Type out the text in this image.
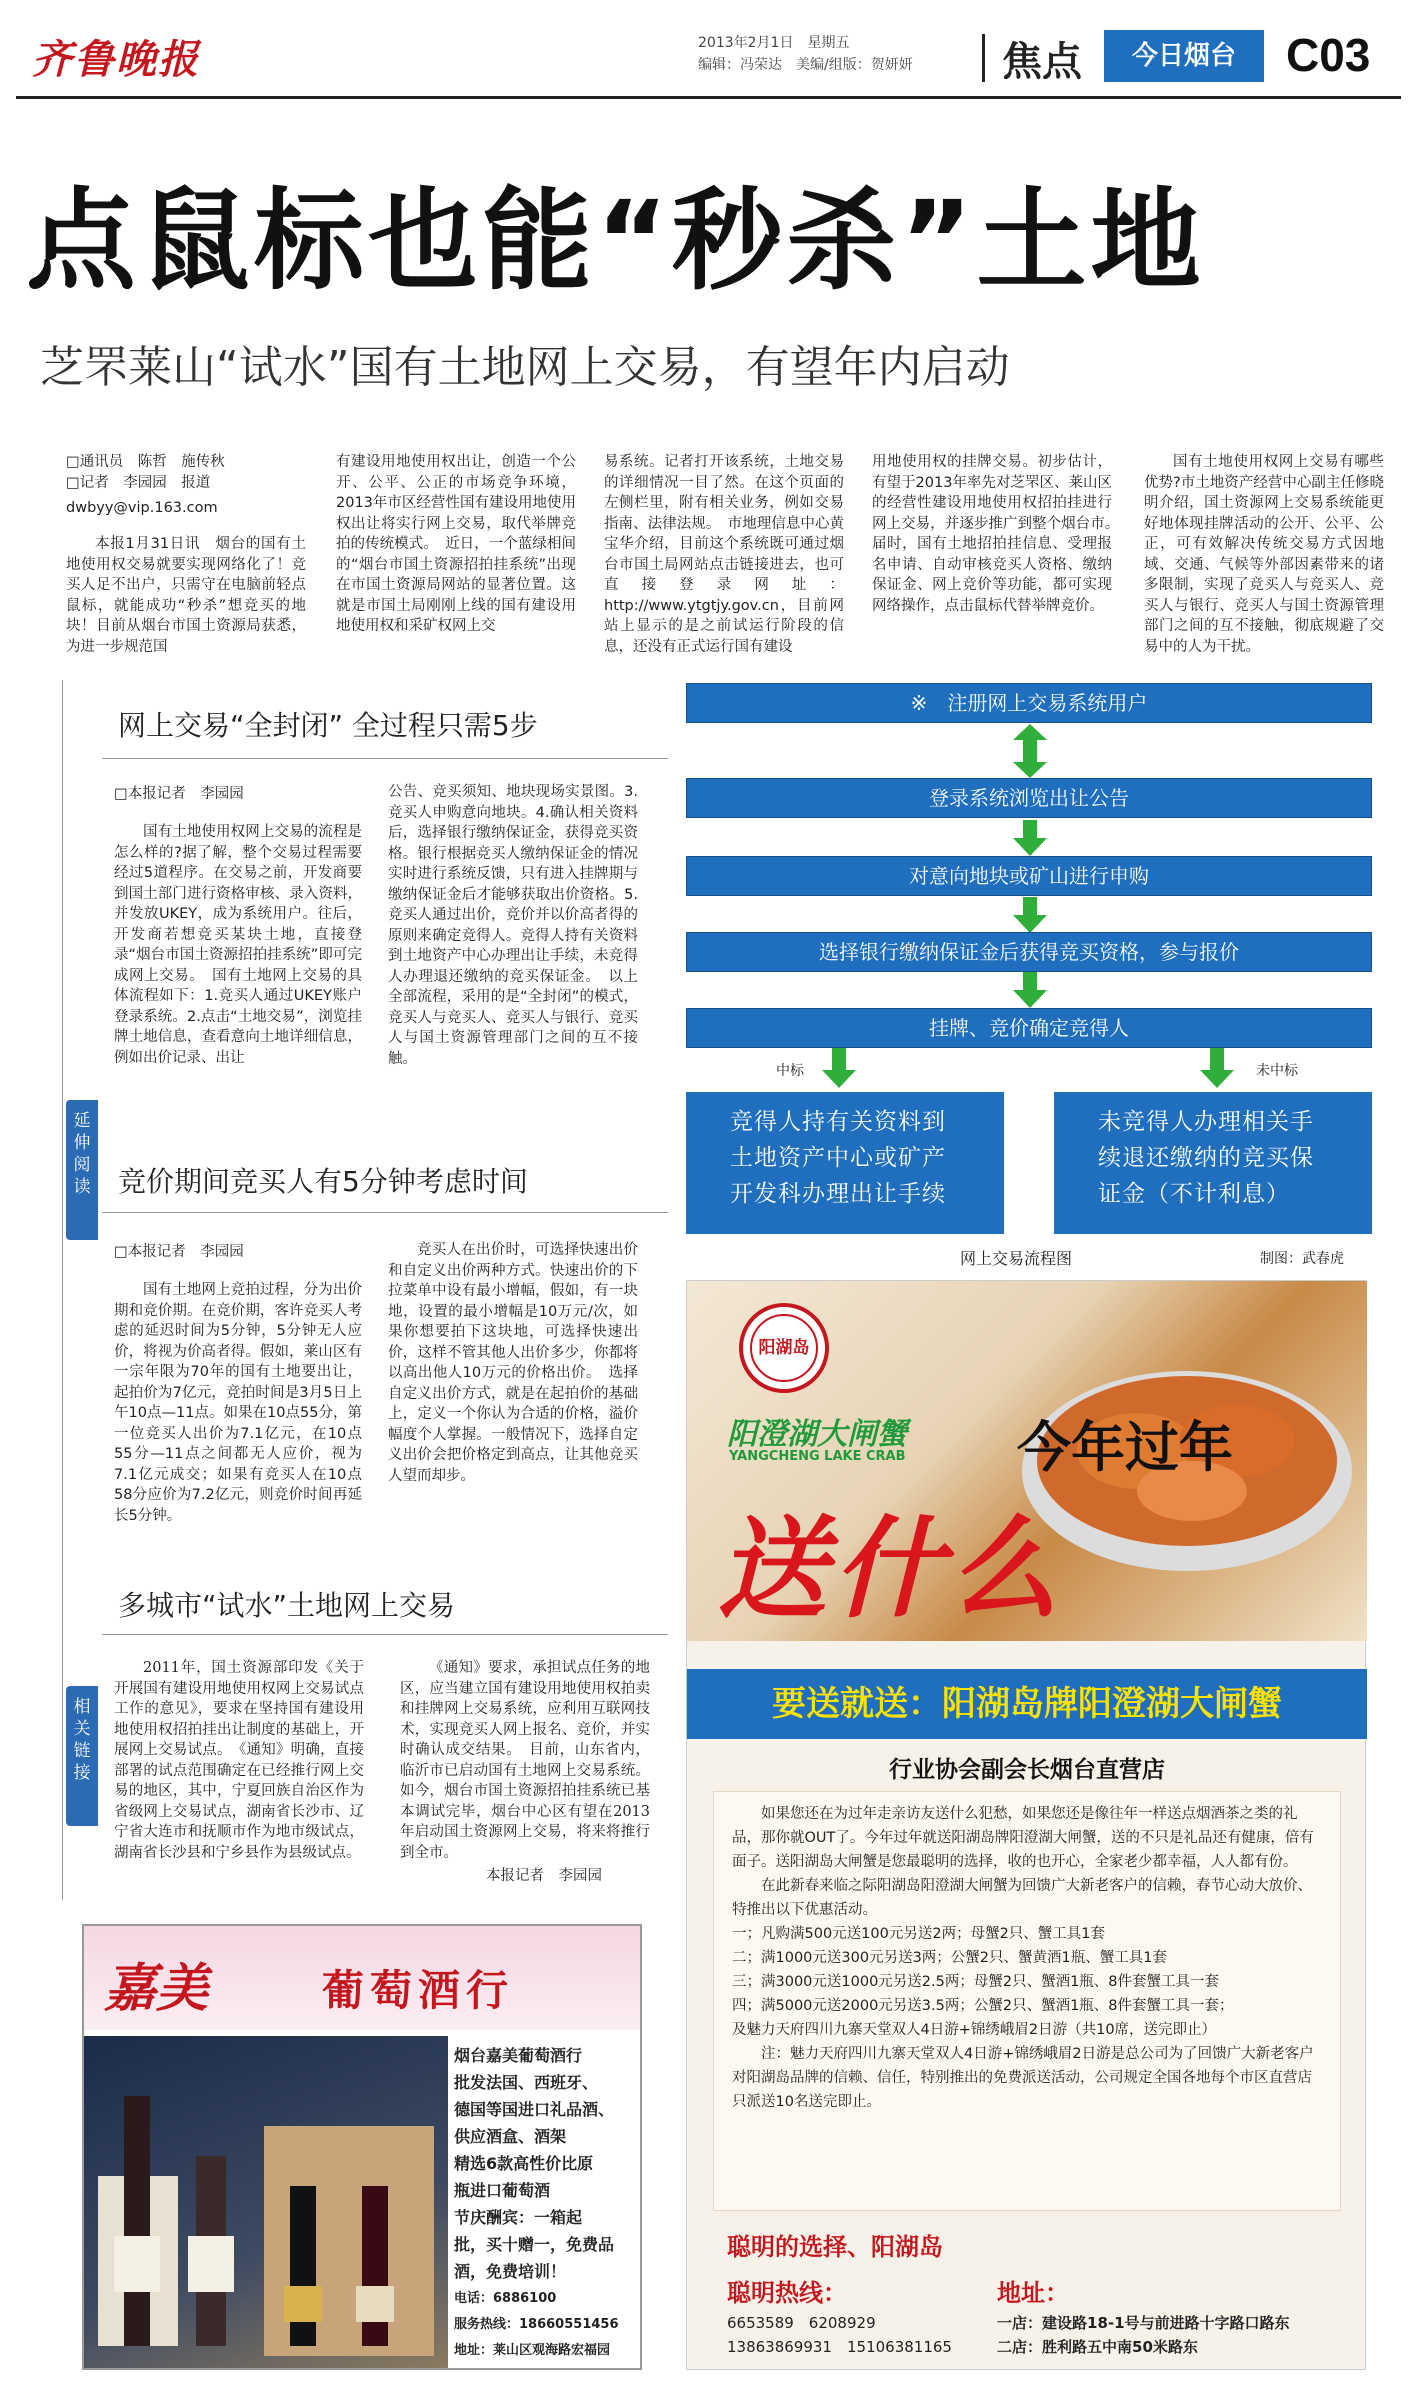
齐鲁晚报	2013年2月1日　星期五
编辑：冯荣达　美编/组版：贺妍妍 焦点	今日烟台	C03
点鼠标也能“秒杀”土地
芝罘莱山“试水”国有土地网上交易，有望年内启动
□通讯员　陈哲　施传秋
□记者　李园园　报道
dwbyy@vip.163.com
本报1月31日讯　烟台的国有土地使用权交易就要实现网络化了！竞买人足不出户，只需守在电脑前轻点鼠标，就能成功“秒杀”想竞买的地块！目前从烟台市国土资源局获悉，为进一步规范国
有建设用地使用权出让，创造一个公开、公平、公正的市场竞争环境，2013年市区经营性国有建设用地使用权出让将实行网上交易，取代举牌竞拍的传统模式。　近日，一个蓝绿相间的“烟台市国土资源招拍挂系统”出现在市国土资源局网站的显著位置。这就是市国土局刚刚上线的国有建设用地使用权和采矿权网上交
易系统。记者打开该系统，土地交易的详细情况一目了然。在这个页面的左侧栏里，附有相关业务，例如交易指南、法律法规。　市地理信息中心黄宝华介绍，目前这个系统既可通过烟台市国土局网站点击链接进去，也可直接登录网址：http://www.ytgtjy.gov.cn，目前网站上显示的是之前试运行阶段的信息，还没有正式运行国有建设
用地使用权的挂牌交易。初步估计，有望于2013年率先对芝罘区、莱山区的经营性建设用地使用权招拍挂进行网上交易，并逐步推广到整个烟台市。　届时，国有土地招拍挂信息、受理报名申请、自动审核竞买人资格、缴纳保证金、网上竞价等功能，都可实现网络操作，点击鼠标代替举牌竞价。
国有土地使用权网上交易有哪些优势?市土地资产经营中心副主任修晓明介绍，国土资源网上交易系统能更好地体现挂牌活动的公开、公平、公正，可有效解决传统交易方式因地域、交通、气候等外部因素带来的诸多限制，实现了竞买人与竞买人、竞买人与银行、竞买人与国土资源管理部门之间的互不接触，彻底规避了交易中的人为干扰。
网上交易“全封闭” 全过程只需5步
□本报记者　李园园
国有土地使用权网上交易的流程是怎么样的?据了解，整个交易过程需要经过5道程序。在交易之前，开发商要到国土部门进行资格审核、录入资料，并发放UKEY，成为系统用户。往后，开发商若想竞买某块土地，直接登录“烟台市国土资源招拍挂系统”即可完成网上交易。　国有土地网上交易的具体流程如下：1.竞买人通过UKEY账户登录系统。2.点击“土地交易”，浏览挂牌土地信息，查看意向土地详细信息，例如出价记录、出让
公告、竞买须知、地块现场实景图。3.竞买人申购意向地块。4.确认相关资料后，选择银行缴纳保证金，获得竞买资格。银行根据竞买人缴纳保证金的情况实时进行系统反馈，只有进入挂牌期与缴纳保证金后才能够获取出价资格。5.竞买人通过出价，竞价并以价高者得的原则来确定竞得人。竞得人持有关资料到土地资产中心办理出让手续，未竞得人办理退还缴纳的竞买保证金。　以上全部流程，采用的是“全封闭”的模式，竞买人与竞买人、竞买人与银行、竞买人与国土资源管理部门之间的互不接触。
延
伸
阅
读 竞价期间竞买人有5分钟考虑时间
□本报记者　李园园
国有土地网上竞拍过程，分为出价期和竞价期。在竞价期，客许竞买人考虑的延迟时间为5分钟，5分钟无人应价，将视为价高者得。假如，莱山区有一宗年限为70年的国有土地要出让，起拍价为7亿元，竞拍时间是3月5日上午10点—11点。如果在10点55分，第一位竞买人出价为7.1亿元，在10点55分—11点之间都无人应价，视为7.1亿元成交；如果有竞买人在10点58分应价为7.2亿元，则竞价时间再延长5分钟。
竞买人在出价时，可选择快速出价和自定义出价两种方式。快速出价的下拉菜单中设有最小增幅，假如，有一块地，设置的最小增幅是10万元/次，如果你想要拍下这块地，可选择快速出价，这样不管其他人出价多少，你都将以高出他人10万元的价格出价。　选择自定义出价方式，就是在起拍价的基础上，定义一个你认为合适的价格，溢价幅度个人掌握。一般情况下，选择自定义出价会把价格定到高点，让其他竞买人望而却步。
多城市“试水”土地网上交易
相
关
链
接
2011年，国土资源部印发《关于开展国有建设用地使用权网上交易试点工作的意见》，要求在坚持国有建设用地使用权招拍挂出让制度的基础上，开展网上交易试点。　《通知》明确，直接部署的试点范围确定在已经推行网上交易的地区，其中，宁夏回族自治区作为省级网上交易试点，湖南省长沙市、辽宁省大连市和抚顺市作为地市级试点，湖南省长沙县和宁乡县作为县级试点。
《通知》要求，承担试点任务的地区，应当建立国有建设用地使用权拍卖和挂牌网上交易系统，应利用互联网技术，实现竞买人网上报名、竞价，并实时确认成交结果。　目前，山东省内，临沂市已启动国有土地网上交易系统。如今，烟台市国土资源招拍挂系统已基本调试完毕，烟台中心区有望在2013年启动国土资源网上交易，将来将推行到全市。
本报记者　李园园
※　注册网上交易系统用户
登录系统浏览出让公告
对意向地块或矿山进行申购
选择银行缴纳保证金后获得竞买资格，参与报价
挂牌、竞价确定竞得人
中标	未中标
竞得人持有关资料到土地资产中心或矿产开发科办理出让手续
未竞得人办理相关手续退还缴纳的竞买保证金（不计利息）
网上交易流程图	制图：武春虎
阳湖岛
阳澄湖大闸蟹
YANGCHENG LAKE CRAB 今年过年
送什么
要送就送：阳湖岛牌阳澄湖大闸蟹
行业协会副会长烟台直营店

如果您还在为过年走亲访友送什么犯愁，如果您还是像往年一样送点烟酒茶之类的礼品，那你就OUT了。今年过年就送阳湖岛牌阳澄湖大闸蟹，送的不只是礼品还有健康，倍有面子。送阳湖岛大闸蟹是您最聪明的选择，收的也开心，全家老少都幸福，人人都有份。

在此新春来临之际阳湖岛阳澄湖大闸蟹为回馈广大新老客户的信赖，春节心动大放价、特推出以下优惠活动。

一；凡购满500元送100元另送2两；母蟹2只、蟹工具1套

二；满1000元送300元另送3两；公蟹2只、蟹黄酒1瓶、蟹工具1套

三；满3000元送1000元另送2.5两；母蟹2只、蟹酒1瓶、8件套蟹工具一套

四；满5000元送2000元另送3.5两；公蟹2只、蟹酒1瓶、8件套蟹工具一套；

及魅力天府四川九寨天堂双人4日游+锦绣峨眉2日游（共10席，送完即止）

注：魅力天府四川九寨天堂双人4日游+锦绣峨眉2日游是总公司为了回馈广大新老客户对阳湖岛品牌的信赖、信任，特别推出的免费派送活动，公司规定全国各地每个市区直营店只派送10名送完即止。

聪明的选择、阳湖岛
聪明热线：
6653589　6208929
13863869931　15106381165
地址：
一店：建设路18-1号与前进路十字路口路东
二店：胜利路五中南50米路东
嘉美	葡萄酒行
烟台嘉美葡萄酒行
批发法国、西班牙、
德国等国进口礼品酒、
供应酒盒、酒架
精选6款高性价比原
瓶进口葡萄酒
节庆酬宾：一箱起
批，买十赠一，免费品
酒，免费培训！
电话：6886100
服务热线：18660551456
地址：莱山区观海路宏福园
